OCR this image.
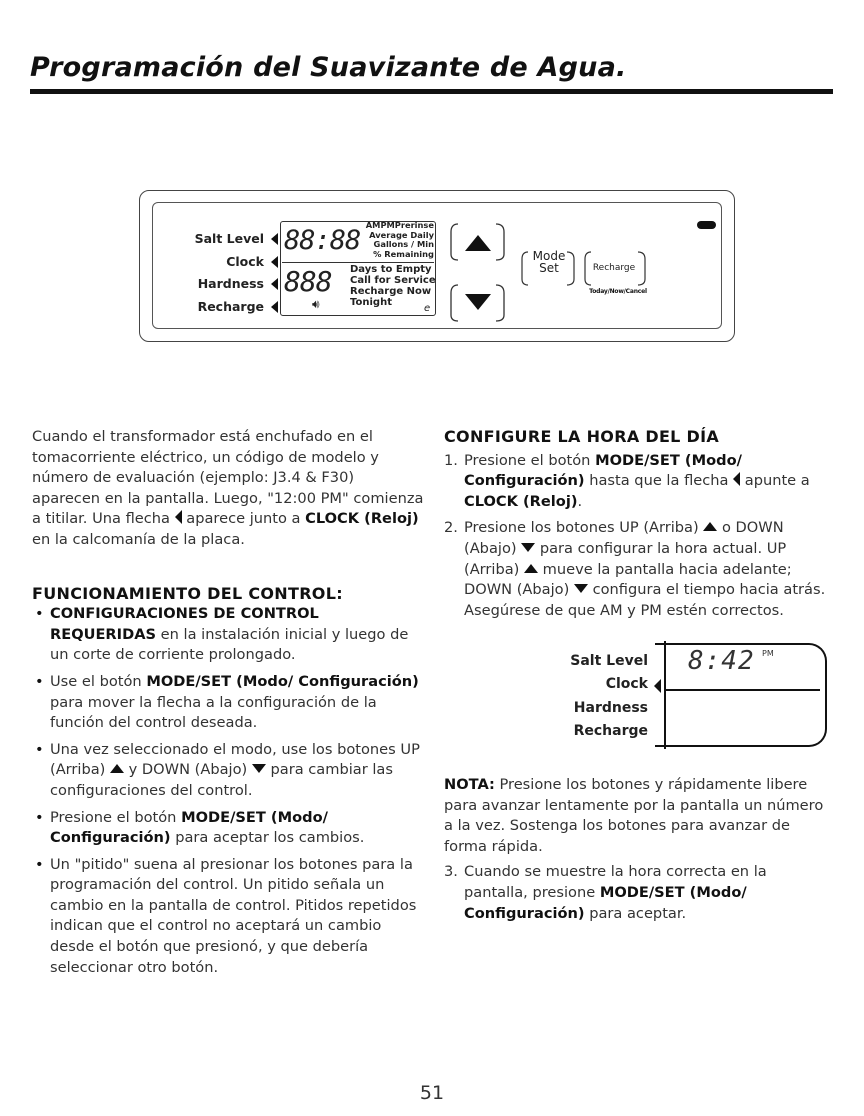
Programación del Suavizante de Agua.
Salt Level
Clock
Hardness
Recharge
88:88
888
AMPMPrerinse
Average Daily
Gallons / Min
% Remaining
Days to Empty
Call for Service
Recharge Now
Tonight
🔊︎	e
Mode
Set	Recharge
Today/Now/Cancel

Cuando el transformador está enchufado en el tomacorriente eléctrico, un código de modelo y número de evaluación (ejemplo: J3.4 & F30) aparecen en la pantalla. Luego, "12:00 PM" comienza a titilar. Una flecha aparece junto a CLOCK (Reloj) en la calcomanía de la placa.

FUNCIONAMIENTO DEL CONTROL:

• CONFIGURACIONES DE CONTROL REQUERIDAS en la instalación inicial y luego de un corte de corriente prolongado.
• Use el botón MODE/SET (Modo/ Configuración) para mover la flecha a la configuración de la función del control deseada.
• Una vez seleccionado el modo, use los botones UP (Arriba) y DOWN (Abajo) para cambiar las configuraciones del control.
• Presione el botón MODE/SET (Modo/ Configuración) para aceptar los cambios.
• Un "pitido" suena al presionar los botones para la programación del control. Un pitido señala un cambio en la pantalla de control. Pitidos repetidos indican que el control no aceptará un cambio desde el botón que presionó, y que debería seleccionar otro botón.

CONFIGURE LA HORA DEL DÍA

1. Presione el botón MODE/SET (Modo/ Configuración) hasta que la flecha apunte a CLOCK (Reloj).
2. Presione los botones UP (Arriba) o DOWN (Abajo) para configurar la hora actual. UP (Arriba) mueve la pantalla hacia adelante; DOWN (Abajo) configura el tiempo hacia atrás. Asegúrese de que AM y PM estén correctos.
Salt Level
Clock
Hardness
Recharge
8:42 PM

NOTA: Presione los botones y rápidamente libere para avanzar lentamente por la pantalla un número a la vez. Sostenga los botones para avanzar de forma rápida.

3. Cuando se muestre la hora correcta en la pantalla, presione MODE/SET (Modo/ Configuración) para aceptar.
51
